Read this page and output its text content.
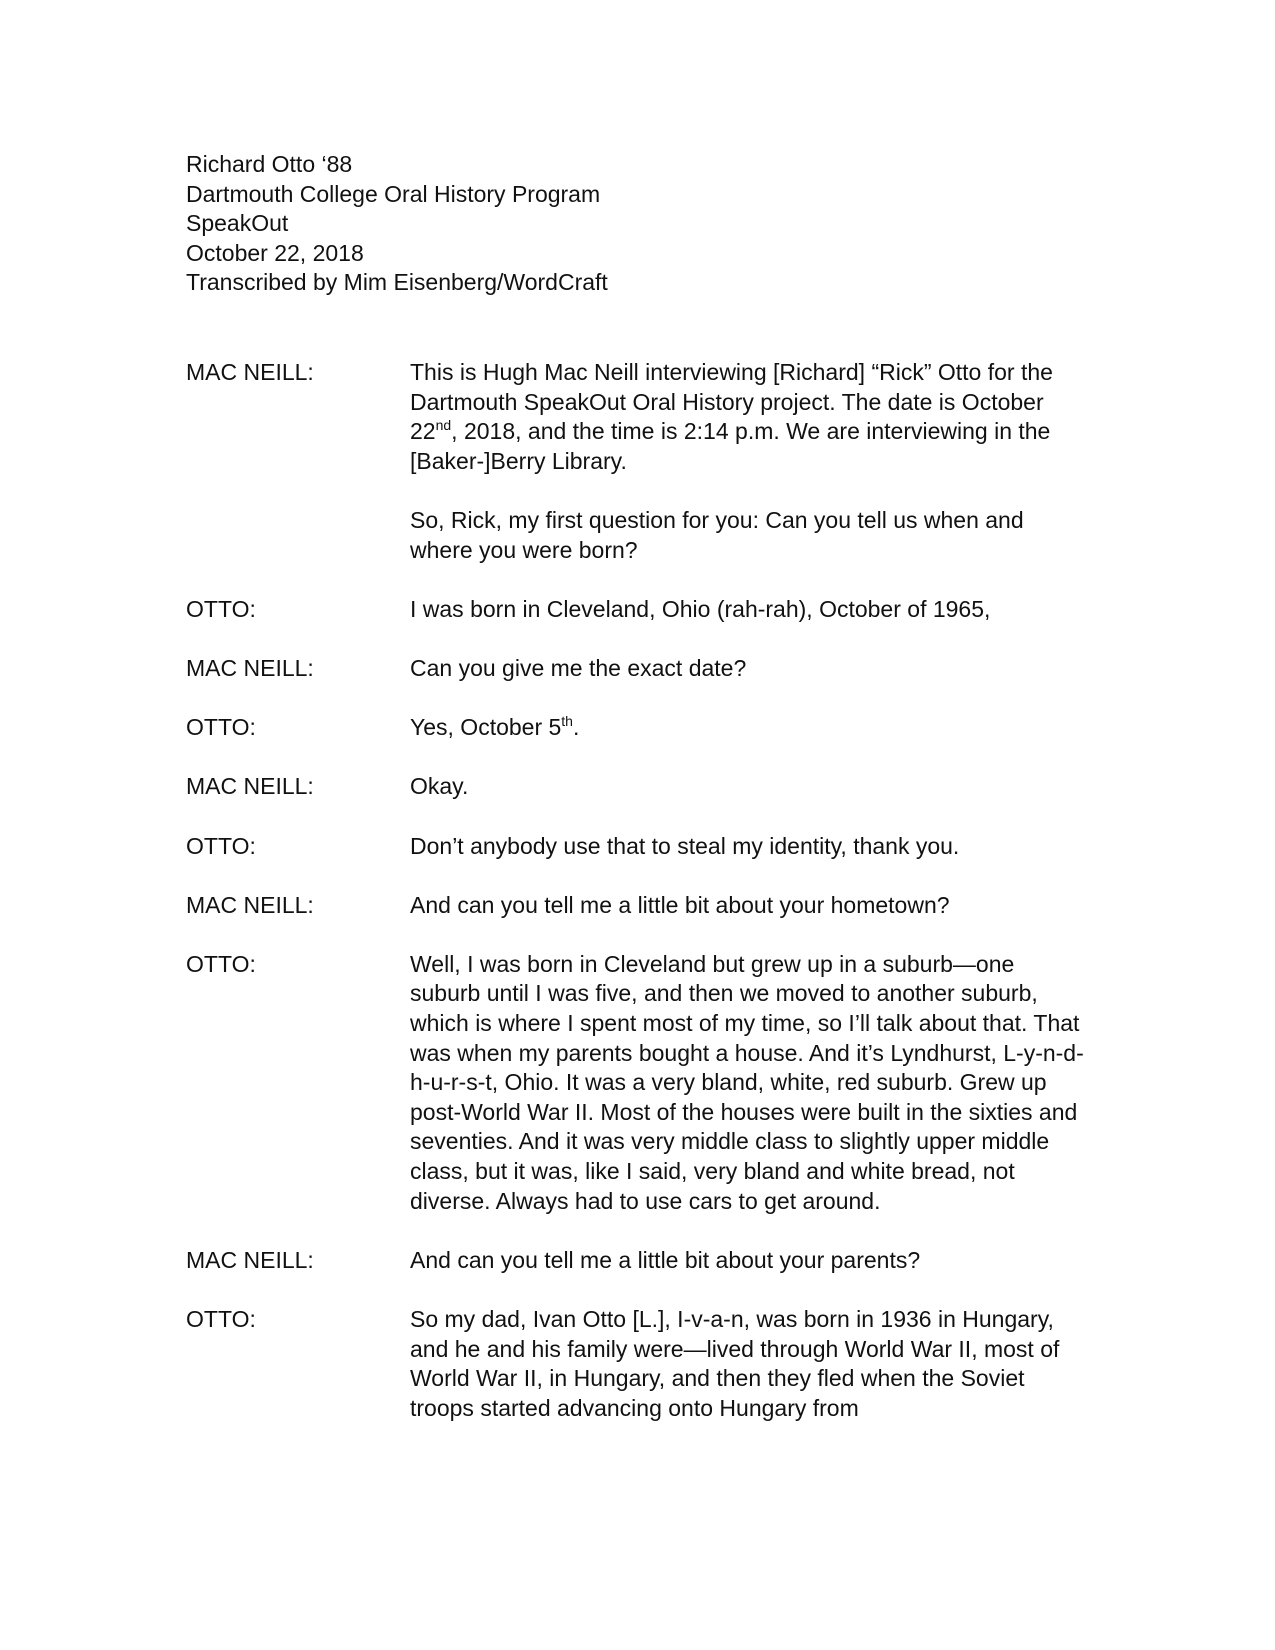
Richard Otto ‘88
Dartmouth College Oral History Program
SpeakOut
October 22, 2018
Transcribed by Mim Eisenberg/WordCraft
MAC NEILL:	This is Hugh Mac Neill interviewing [Richard] “Rick” Otto for the Dartmouth SpeakOut Oral History project. The date is October 22nd, 2018, and the time is 2:14 p.m. We are interviewing in the [Baker-]Berry Library.

So, Rick, my first question for you: Can you tell us when and where you were born?

OTTO:	I was born in Cleveland, Ohio (rah-rah), October of 1965,

MAC NEILL:	Can you give me the exact date?

OTTO:	Yes, October 5th.

MAC NEILL:	Okay.

OTTO:	Don’t anybody use that to steal my identity, thank you.

MAC NEILL:	And can you tell me a little bit about your hometown?

OTTO:	Well, I was born in Cleveland but grew up in a suburb—one suburb until I was five, and then we moved to another suburb, which is where I spent most of my time, so I’ll talk about that. That was when my parents bought a house. And it’s Lyndhurst, L-y-n-d-h-u-r-s-t, Ohio. It was a very bland, white, red suburb. Grew up post-World War II. Most of the houses were built in the sixties and seventies. And it was very middle class to slightly upper middle class, but it was, like I said, very bland and white bread, not diverse. Always had to use cars to get around.

MAC NEILL:	And can you tell me a little bit about your parents?

OTTO:	So my dad, Ivan Otto [L.], I-v-a-n, was born in 1936 in Hungary, and he and his family were—lived through World War II, most of World War II, in Hungary, and then they fled when the Soviet troops started advancing onto Hungary from
